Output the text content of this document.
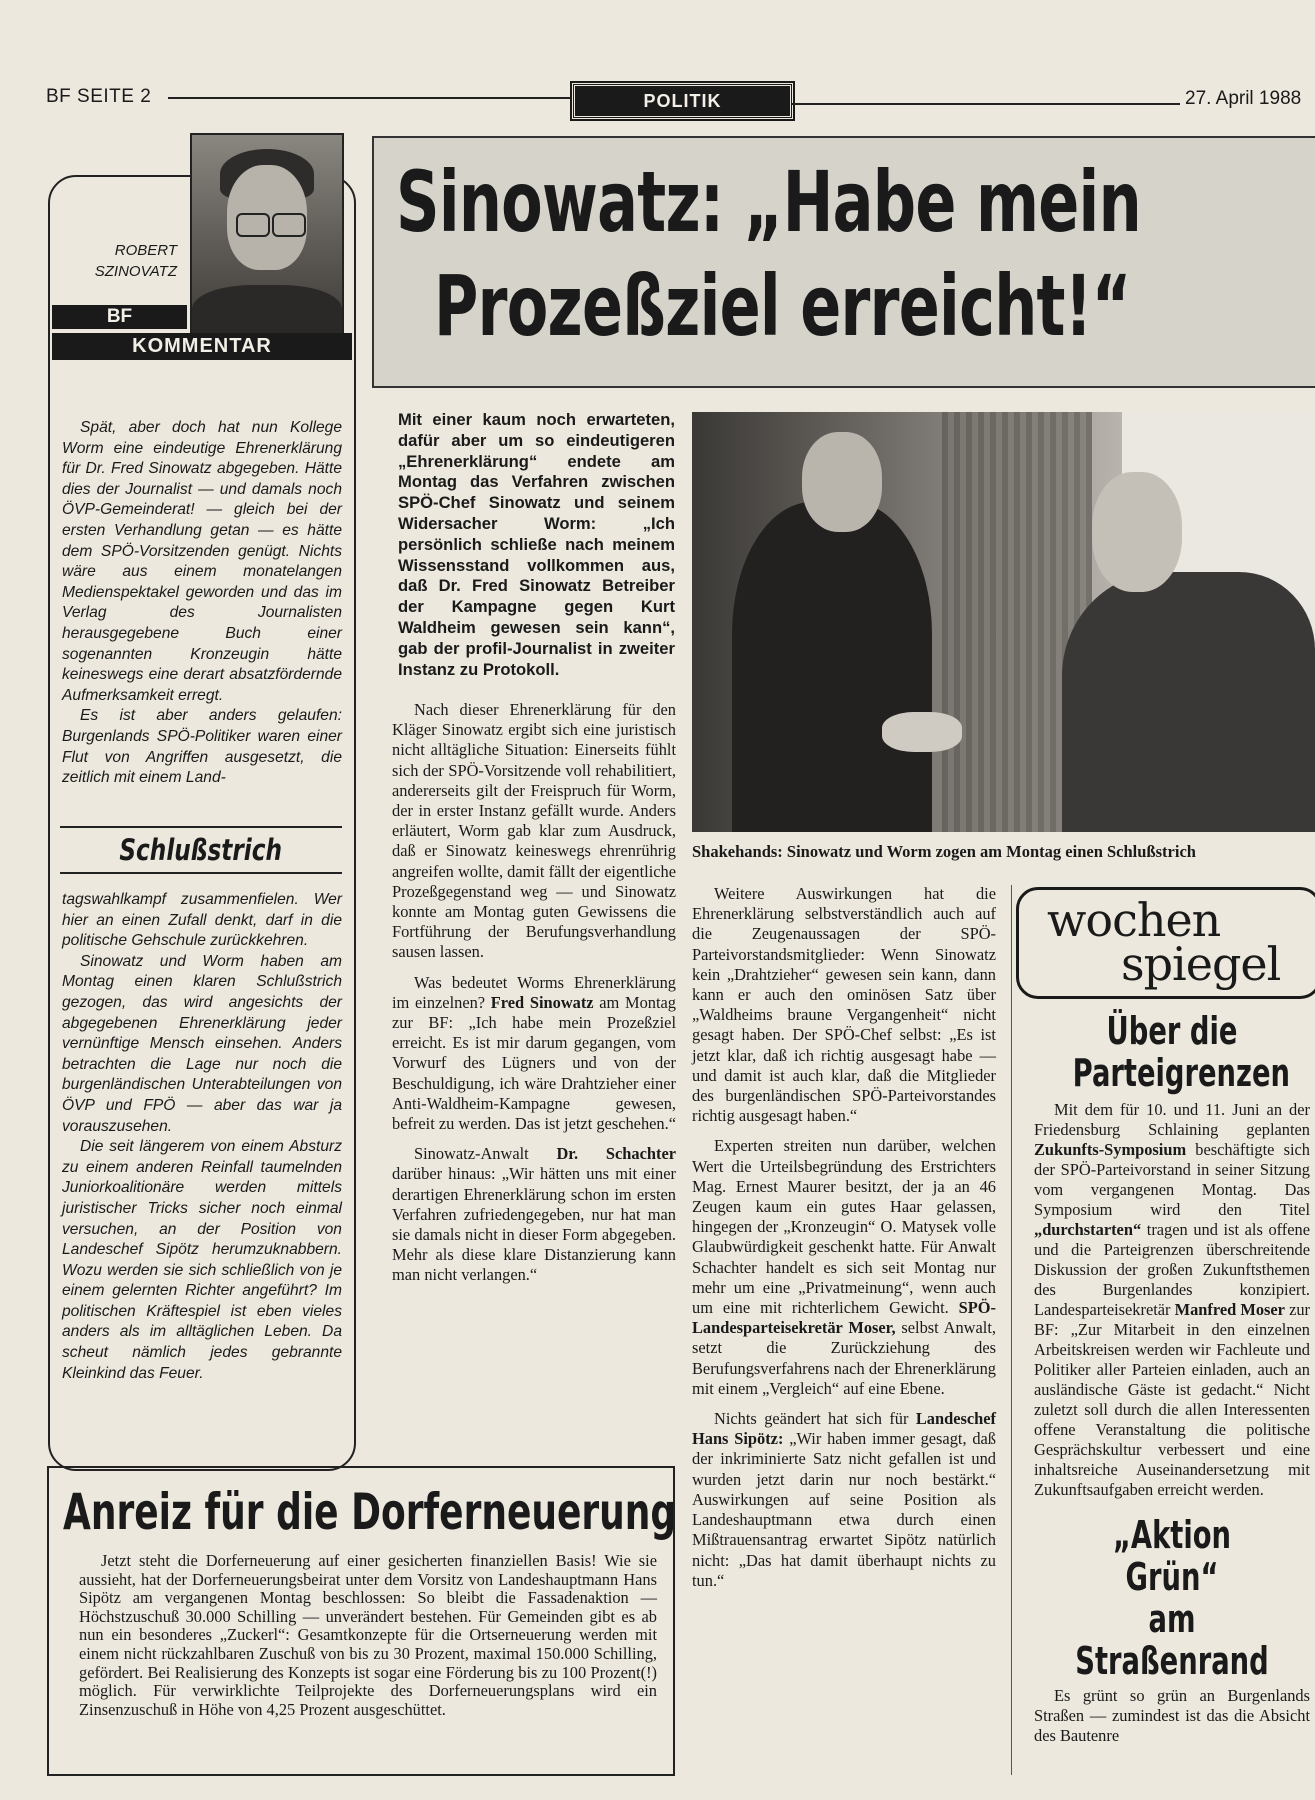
BF SEITE 2	POLITIK	27. April 1988
Sinowatz: „Habe mein
Prozeßziel erreicht!“
ROBERT
SZINOVATZ
BF
KOMMENTAR

Spät, aber doch hat nun Kollege Worm eine eindeutige Ehrenerklärung für Dr. Fred Sinowatz abgegeben. Hätte dies der Journalist — und damals noch ÖVP-Gemeinderat! — gleich bei der ersten Verhandlung getan — es hätte dem SPÖ-Vorsitzenden genügt. Nichts wäre aus einem monatelangen Medienspektakel geworden und das im Verlag des Journalisten herausgegebene Buch einer sogenannten Kronzeugin hätte keineswegs eine derart absatzfördernde Aufmerksamkeit erregt.

Es ist aber anders gelaufen: Burgenlands SPÖ-Politiker waren einer Flut von Angriffen ausgesetzt, die zeitlich mit einem Land-

Schlußstrich

tagswahlkampf zusammenfielen. Wer hier an einen Zufall denkt, darf in die politische Gehschule zurückkehren.

Sinowatz und Worm haben am Montag einen klaren Schlußstrich gezogen, das wird angesichts der abgegebenen Ehrenerklärung jeder vernünftige Mensch einsehen. Anders betrachten die Lage nur noch die burgenländischen Unterabteilungen von ÖVP und FPÖ — aber das war ja vorauszusehen.

Die seit längerem von einem Absturz zu einem anderen Reinfall taumelnden Juniorkoalitionäre werden mittels juristischer Tricks sicher noch einmal versuchen, an der Position von Landeschef Sipötz herumzuknabbern. Wozu werden sie sich schließlich von je einem gelernten Richter angeführt? Im politischen Kräftespiel ist eben vieles anders als im alltäglichen Leben. Da scheut nämlich jedes gebrannte Kleinkind das Feuer.

Mit einer kaum noch erwarteten, dafür aber um so eindeutigeren „Ehrenerklärung“ endete am Montag das Verfahren zwischen SPÖ-Chef Sinowatz und seinem Widersacher Worm: „Ich persönlich schließe nach meinem Wissensstand vollkommen aus, daß Dr. Fred Sinowatz Betreiber der Kampagne gegen Kurt Waldheim gewesen sein kann“, gab der profil-Journalist in zweiter Instanz zu Protokoll.

Nach dieser Ehrenerklärung für den Kläger Sinowatz ergibt sich eine juristisch nicht alltägliche Situation: Einerseits fühlt sich der SPÖ-Vorsitzende voll rehabilitiert, andererseits gilt der Freispruch für Worm, der in erster Instanz gefällt wurde. Anders erläutert, Worm gab klar zum Ausdruck, daß er Sinowatz keineswegs ehrenrührig angreifen wollte, damit fällt der eigentliche Prozeßgegenstand weg — und Sinowatz konnte am Montag guten Gewissens die Fortführung der Berufungsverhandlung sausen lassen.

Was bedeutet Worms Ehrenerklärung im einzelnen? Fred Sinowatz am Montag zur BF: „Ich habe mein Prozeßziel erreicht. Es ist mir darum gegangen, vom Vorwurf des Lügners und von der Beschuldigung, ich wäre Drahtzieher einer Anti-Waldheim-Kampagne gewesen, befreit zu werden. Das ist jetzt geschehen.“

Sinowatz-Anwalt Dr. Schachter darüber hinaus: „Wir hätten uns mit einer derartigen Ehrenerklärung schon im ersten Verfahren zufriedengegeben, nur hat man sie damals nicht in dieser Form abgegeben. Mehr als diese klare Distanzierung kann man nicht verlangen.“

Shakehands: Sinowatz und Worm zogen am Montag einen Schlußstrich

Weitere Auswirkungen hat die Ehrenerklärung selbstverständlich auch auf die Zeugenaussagen der SPÖ-Parteivorstandsmitglieder: Wenn Sinowatz kein „Drahtzieher“ gewesen sein kann, dann kann er auch den ominösen Satz über „Waldheims braune Vergangenheit“ nicht gesagt haben. Der SPÖ-Chef selbst: „Es ist jetzt klar, daß ich richtig ausgesagt habe — und damit ist auch klar, daß die Mitglieder des burgenländischen SPÖ-Parteivorstandes richtig ausgesagt haben.“

Experten streiten nun darüber, welchen Wert die Urteilsbegründung des Erstrichters Mag. Ernest Maurer besitzt, der ja an 46 Zeugen kaum ein gutes Haar gelassen, hingegen der „Kronzeugin“ O. Matysek volle Glaubwürdigkeit geschenkt hatte. Für Anwalt Schachter handelt es sich seit Montag nur mehr um eine „Privatmeinung“, wenn auch um eine mit richterlichem Gewicht. SPÖ-Landesparteisekretär Moser, selbst Anwalt, setzt die Zurückziehung des Berufungsverfahrens nach der Ehrenerklärung mit einem „Vergleich“ auf eine Ebene.

Nichts geändert hat sich für Landeschef Hans Sipötz: „Wir haben immer gesagt, daß der inkriminierte Satz nicht gefallen ist und wurden jetzt darin nur noch bestärkt.“ Auswirkungen auf seine Position als Landeshauptmann etwa durch einen Mißtrauensantrag erwartet Sipötz natürlich nicht: „Das hat damit überhaupt nichts zu tun.“

wochen
spiegel
Über die
Parteigrenzen
Mit dem für 10. und 11. Juni an der Friedensburg Schlaining geplanten Zukunfts-Symposium beschäftigte sich der SPÖ-Parteivorstand in seiner Sitzung vom vergangenen Montag. Das Symposium wird den Titel „durchstarten“ tragen und ist als offene und die Parteigrenzen überschreitende Diskussion der großen Zukunftsthemen des Burgenlandes konzipiert. Landesparteisekretär Manfred Moser zur BF: „Zur Mitarbeit in den einzelnen Arbeitskreisen werden wir Fachleute und Politiker aller Parteien einladen, auch an ausländische Gäste ist gedacht.“ Nicht zuletzt soll durch die allen Interessenten offene Veranstaltung die politische Gesprächskultur verbessert und eine inhaltsreiche Auseinandersetzung mit Zukunftsaufgaben erreicht werden.
„Aktion Grün“
am Straßenrand
Es grünt so grün an Burgenlands Straßen — zumindest ist das die Absicht des Bautenre
Anreiz für die Dorferneuerung
Jetzt steht die Dorferneuerung auf einer gesicherten finanziellen Basis! Wie sie aussieht, hat der Dorferneuerungsbeirat unter dem Vorsitz von Landeshauptmann Hans Sipötz am vergangenen Montag beschlossen: So bleibt die Fassadenaktion — Höchstzuschuß 30.000 Schilling — unverändert bestehen. Für Gemeinden gibt es ab nun ein besonderes „Zuckerl“: Gesamtkonzepte für die Ortserneuerung werden mit einem nicht rückzahlbaren Zuschuß von bis zu 30 Prozent, maximal 150.000 Schilling, gefördert. Bei Realisierung des Konzepts ist sogar eine Förderung bis zu 100 Prozent(!) möglich. Für verwirklichte Teilprojekte des Dorferneuerungsplans wird ein Zinsenzuschuß in Höhe von 4,25 Prozent ausgeschüttet.
